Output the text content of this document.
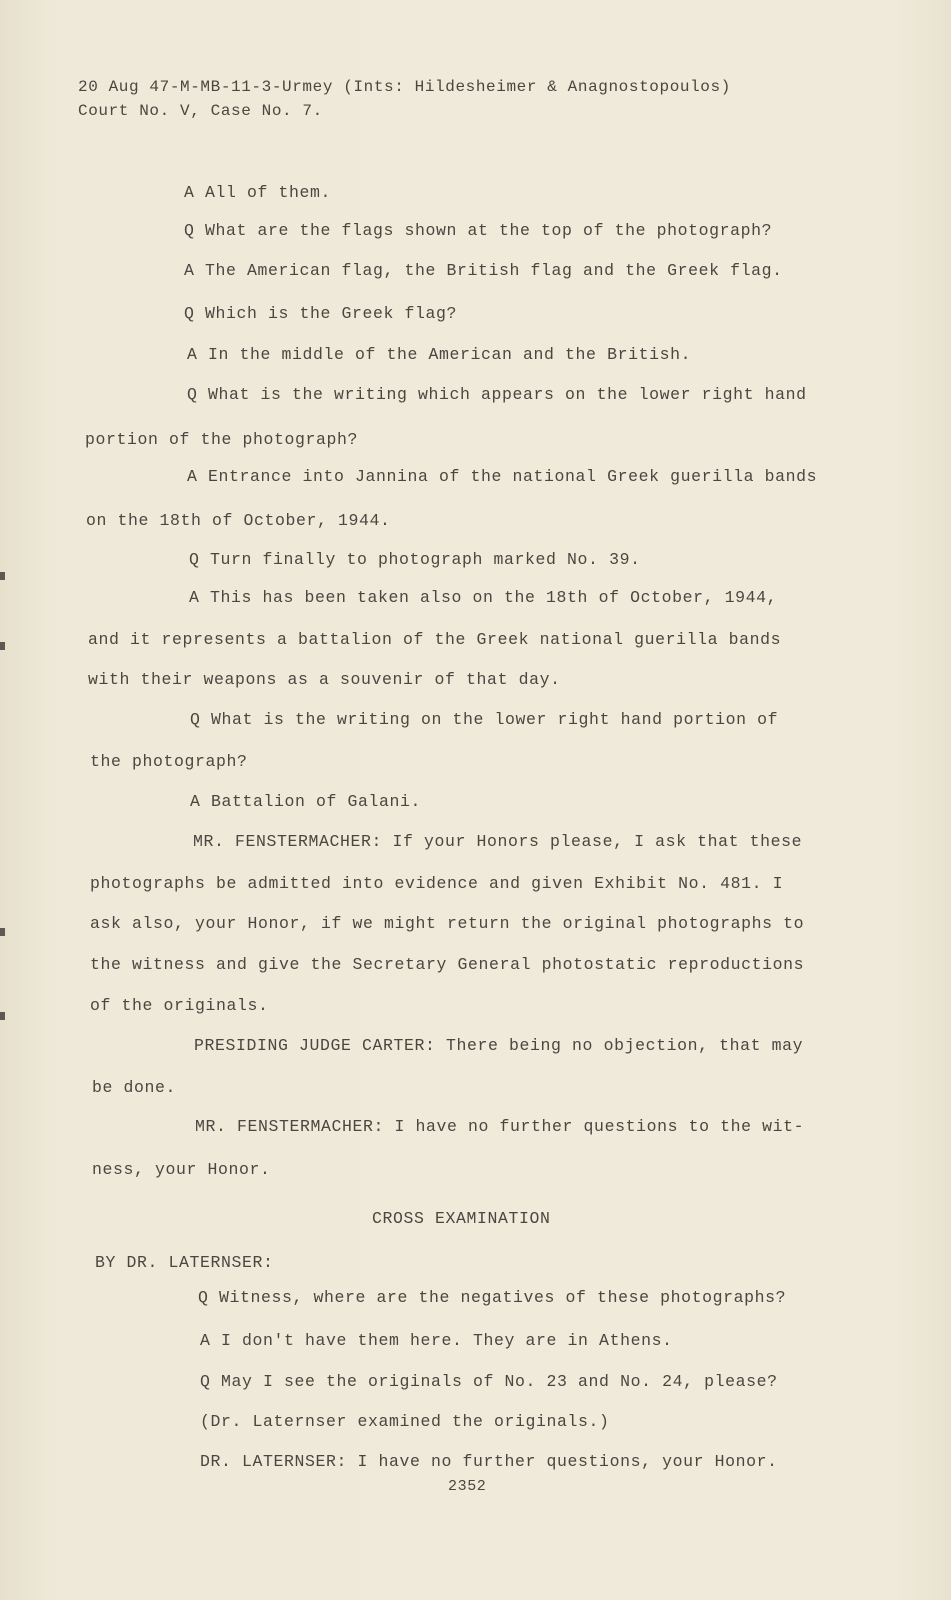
20 Aug 47-M-MB-11-3-Urmey (Ints: Hildesheimer & Anagnostopoulos)
Court No. V, Case No. 7.
A All of them.
Q What are the flags shown at the top of the photograph?
A The American flag, the British flag and the Greek flag.
Q Which is the Greek flag?
A In the middle of the American and the British.
Q What is the writing which appears on the lower right hand
portion of the photograph?
A Entrance into Jannina of the national Greek guerilla bands
on the 18th of October, 1944.
Q Turn finally to photograph marked No. 39.
A This has been taken also on the 18th of October, 1944,
and it represents a battalion of the Greek national guerilla bands
with their weapons as a souvenir of that day.
Q What is the writing on the lower right hand portion of
the photograph?
A Battalion of Galani.
MR. FENSTERMACHER: If your Honors please, I ask that these
photographs be admitted into evidence and given Exhibit No. 481. I
ask also, your Honor, if we might return the original photographs to
the witness and give the Secretary General photostatic reproductions
of the originals.
PRESIDING JUDGE CARTER: There being no objection, that may
be done.
MR. FENSTERMACHER: I have no further questions to the wit-
ness, your Honor.
CROSS EXAMINATION
BY DR. LATERNSER:
Q Witness, where are the negatives of these photographs?
A I don't have them here. They are in Athens.
Q May I see the originals of No. 23 and No. 24, please?
(Dr. Laternser examined the originals.)
DR. LATERNSER: I have no further questions, your Honor.
2352
